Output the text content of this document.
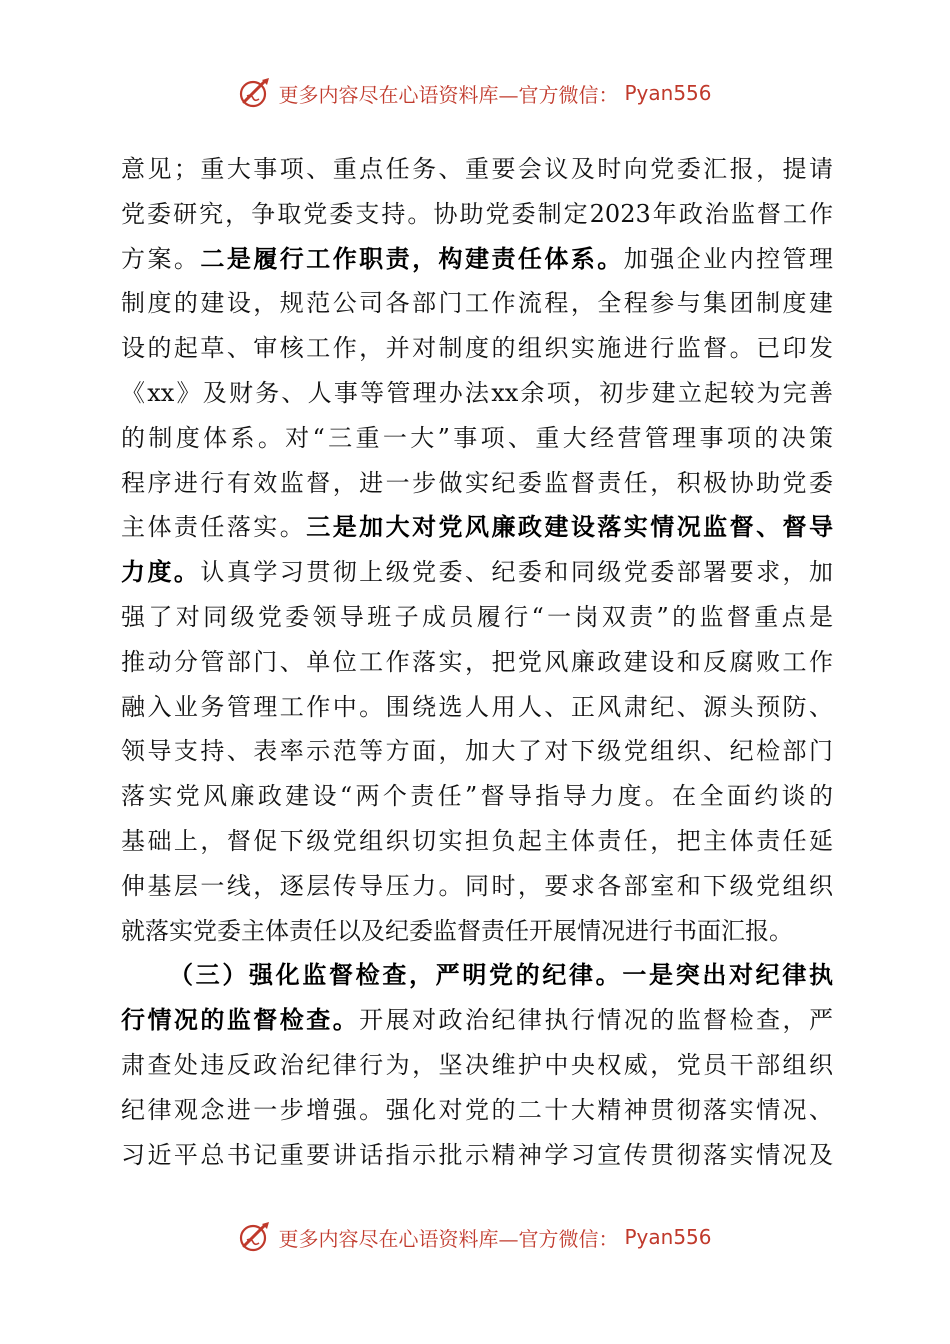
更多内容尽在心语资料库—官方微信： Pyan556
意见；重大事项、重点任务、重要会议及时向党委汇报，提请
党委研究，争取党委支持。协助党委制定2023年政治监督工作
方案。二是履行工作职责，构建责任体系。加强企业内控管理
制度的建设，规范公司各部门工作流程，全程参与集团制度建
设的起草、审核工作，并对制度的组织实施进行监督。已印发
《xx》及财务、人事等管理办法xx余项，初步建立起较为完善
的制度体系。对“三重一大”事项、重大经营管理事项的决策
程序进行有效监督，进一步做实纪委监督责任，积极协助党委
主体责任落实。三是加大对党风廉政建设落实情况监督、督导
力度。认真学习贯彻上级党委、纪委和同级党委部署要求，加
强了对同级党委领导班子成员履行“一岗双责”的监督重点是
推动分管部门、单位工作落实，把党风廉政建设和反腐败工作
融入业务管理工作中。围绕选人用人、正风肃纪、源头预防、
领导支持、表率示范等方面，加大了对下级党组织、纪检部门
落实党风廉政建设“两个责任”督导指导力度。在全面约谈的
基础上，督促下级党组织切实担负起主体责任，把主体责任延
伸基层一线，逐层传导压力。同时，要求各部室和下级党组织
就落实党委主体责任以及纪委监督责任开展情况进行书面汇报。
（三）强化监督检查，严明党的纪律。一是突出对纪律执
行情况的监督检查。开展对政治纪律执行情况的监督检查，严
肃查处违反政治纪律行为，坚决维护中央权威，党员干部组织
纪律观念进一步增强。强化对党的二十大精神贯彻落实情况、
习近平总书记重要讲话指示批示精神学习宣传贯彻落实情况及
更多内容尽在心语资料库—官方微信： Pyan556
